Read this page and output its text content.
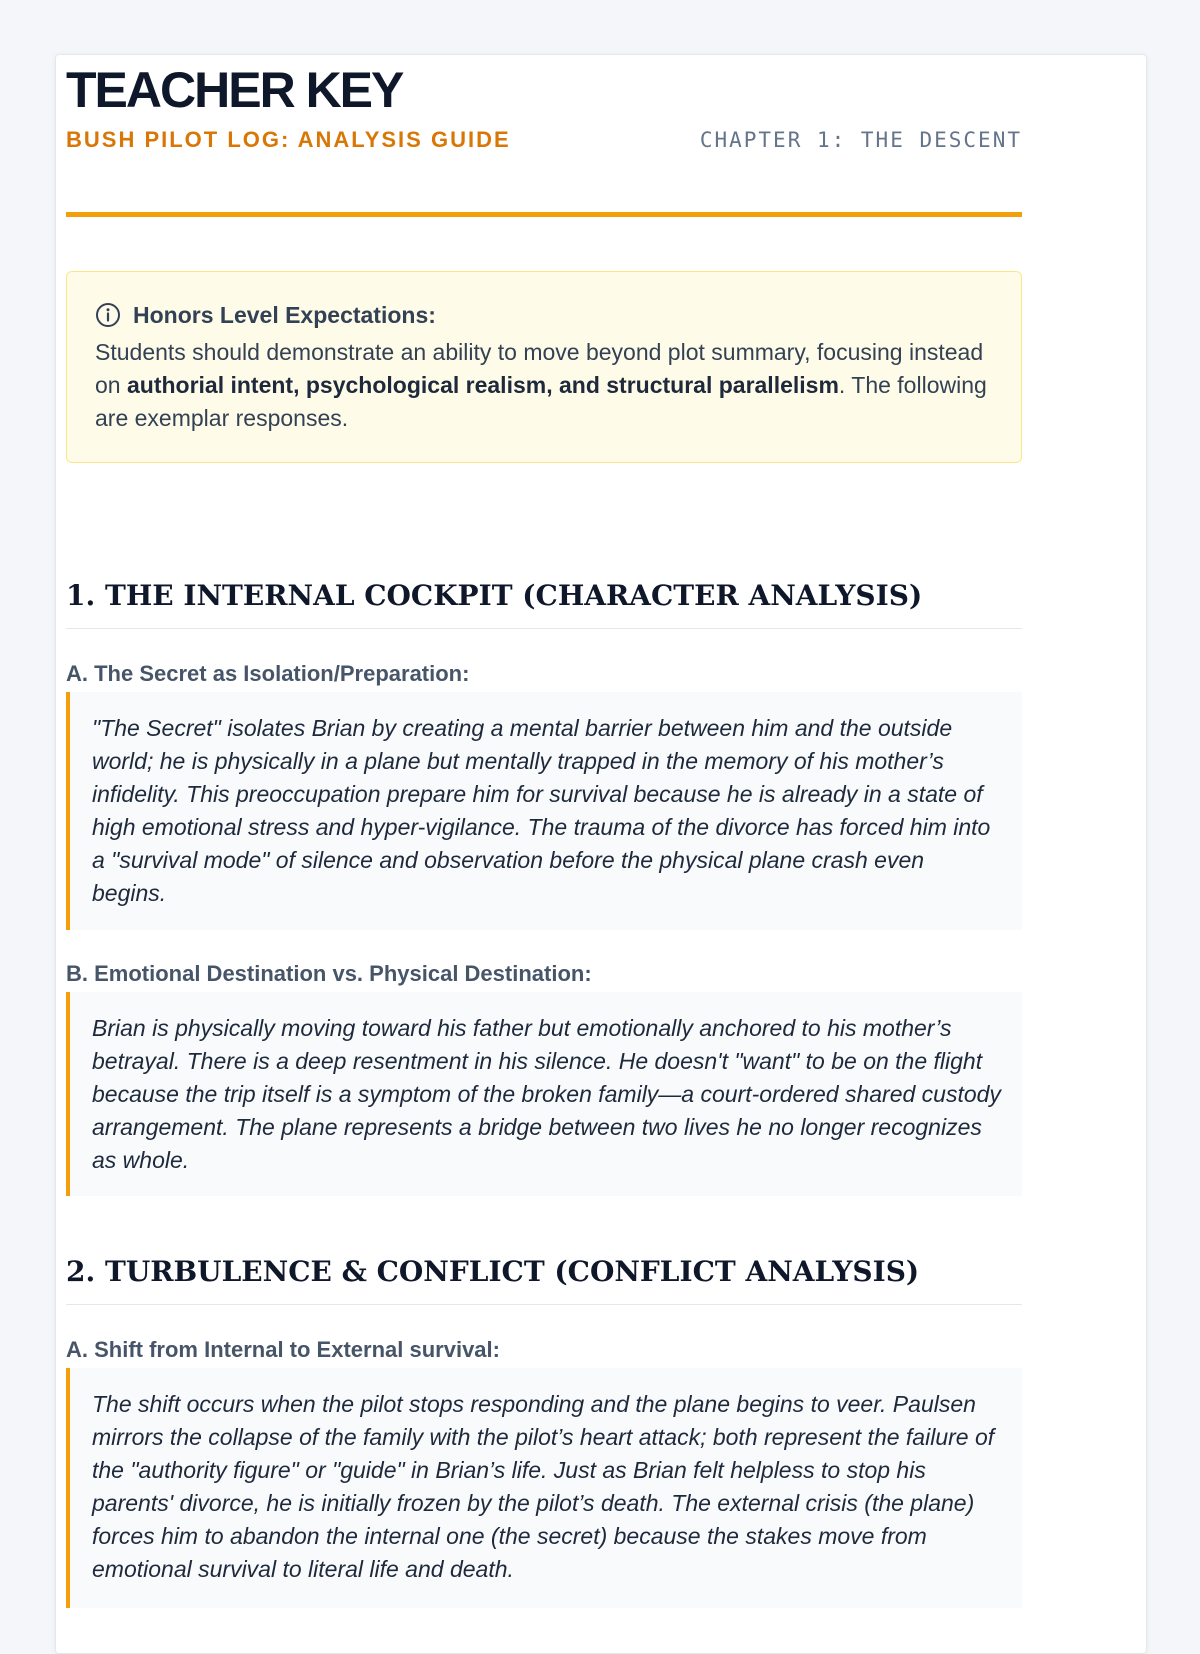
TEACHER KEY
BUSH PILOT LOG: ANALYSIS GUIDE	CHAPTER 1: THE DESCENT
Honors Level Expectations:
Students should demonstrate an ability to move beyond plot summary, focusing instead on authorial intent, psychological realism, and structural parallelism. The following are exemplar responses.
1. THE INTERNAL COCKPIT (CHARACTER ANALYSIS)
A. The Secret as Isolation/Preparation:
"The Secret" isolates Brian by creating a mental barrier between him and the outside world; he is physically in a plane but mentally trapped in the memory of his mother’s infidelity. This preoccupation prepare him for survival because he is already in a state of high emotional stress and hyper-vigilance. The trauma of the divorce has forced him into a "survival mode" of silence and observation before the physical plane crash even begins.
B. Emotional Destination vs. Physical Destination:
Brian is physically moving toward his father but emotionally anchored to his mother’s betrayal. There is a deep resentment in his silence. He doesn't "want" to be on the flight because the trip itself is a symptom of the broken family—a court-ordered shared custody arrangement. The plane represents a bridge between two lives he no longer recognizes as whole.
2. TURBULENCE & CONFLICT (CONFLICT ANALYSIS)
A. Shift from Internal to External survival:
The shift occurs when the pilot stops responding and the plane begins to veer. Paulsen mirrors the collapse of the family with the pilot’s heart attack; both represent the failure of the "authority figure" or "guide" in Brian’s life. Just as Brian felt helpless to stop his parents' divorce, he is initially frozen by the pilot’s death. The external crisis (the plane) forces him to abandon the internal one (the secret) because the stakes move from emotional survival to literal life and death.
